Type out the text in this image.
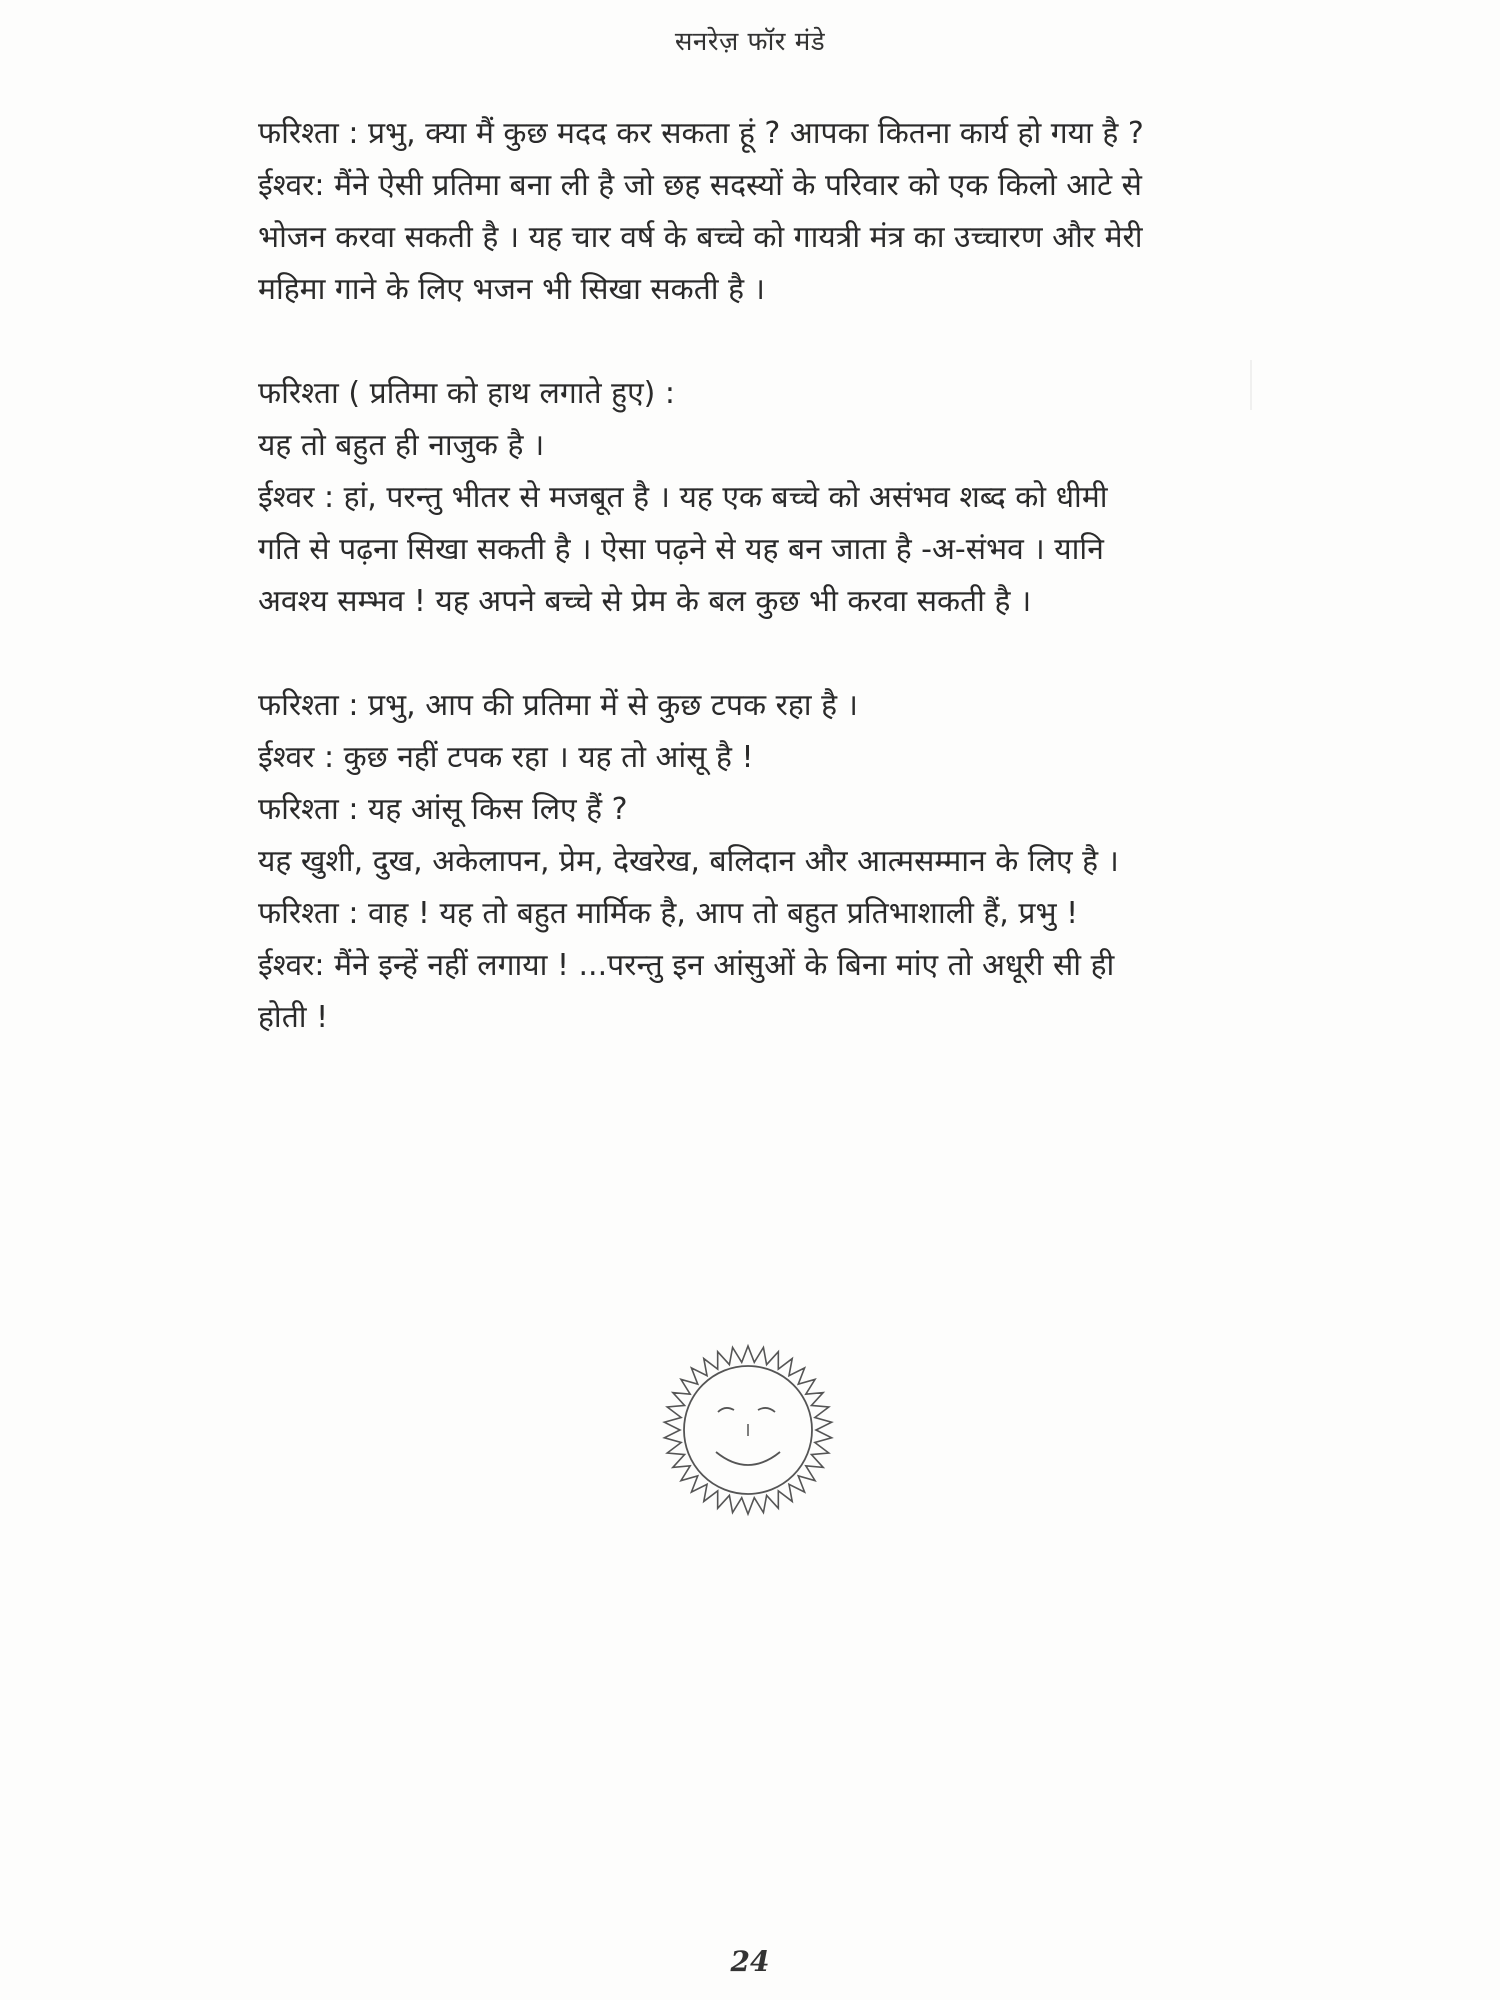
सनरेज़ फॉर मंडे
फरिश्ता : प्रभु, क्या मैं कुछ मदद कर सकता हूं ? आपका कितना कार्य हो गया है ?
ईश्वर: मैंने ऐसी प्रतिमा बना ली है जो छह सदस्यों के परिवार को एक किलो आटे से
भोजन करवा सकती है । यह चार वर्ष के बच्चे को गायत्री मंत्र का उच्चारण और मेरी
महिमा गाने के लिए भजन भी सिखा सकती है ।
फरिश्ता ( प्रतिमा को हाथ लगाते हुए) :
यह तो बहुत ही नाजुक है ।
ईश्वर : हां, परन्तु भीतर से मजबूत है । यह एक बच्चे को असंभव शब्द को धीमी
गति से पढ़ना सिखा सकती है । ऐसा पढ़ने से यह बन जाता है -अ-संभव । यानि
अवश्य सम्भव ! यह अपने बच्चे से प्रेम के बल कुछ भी करवा सकती है ।
फरिश्ता : प्रभु, आप की प्रतिमा में से कुछ टपक रहा है ।
ईश्वर : कुछ नहीं टपक रहा । यह तो आंसू है !
फरिश्ता : यह आंसू किस लिए हैं ?
यह खुशी, दुख, अकेलापन, प्रेम, देखरेख, बलिदान और आत्मसम्मान के लिए है ।
फरिश्ता : वाह ! यह तो बहुत मार्मिक है, आप तो बहुत प्रतिभाशाली हैं, प्रभु !
ईश्वर: मैंने इन्हें नहीं लगाया ! ...परन्तु इन आंसुओं के बिना मांए तो अधूरी सी ही
होती !
24
